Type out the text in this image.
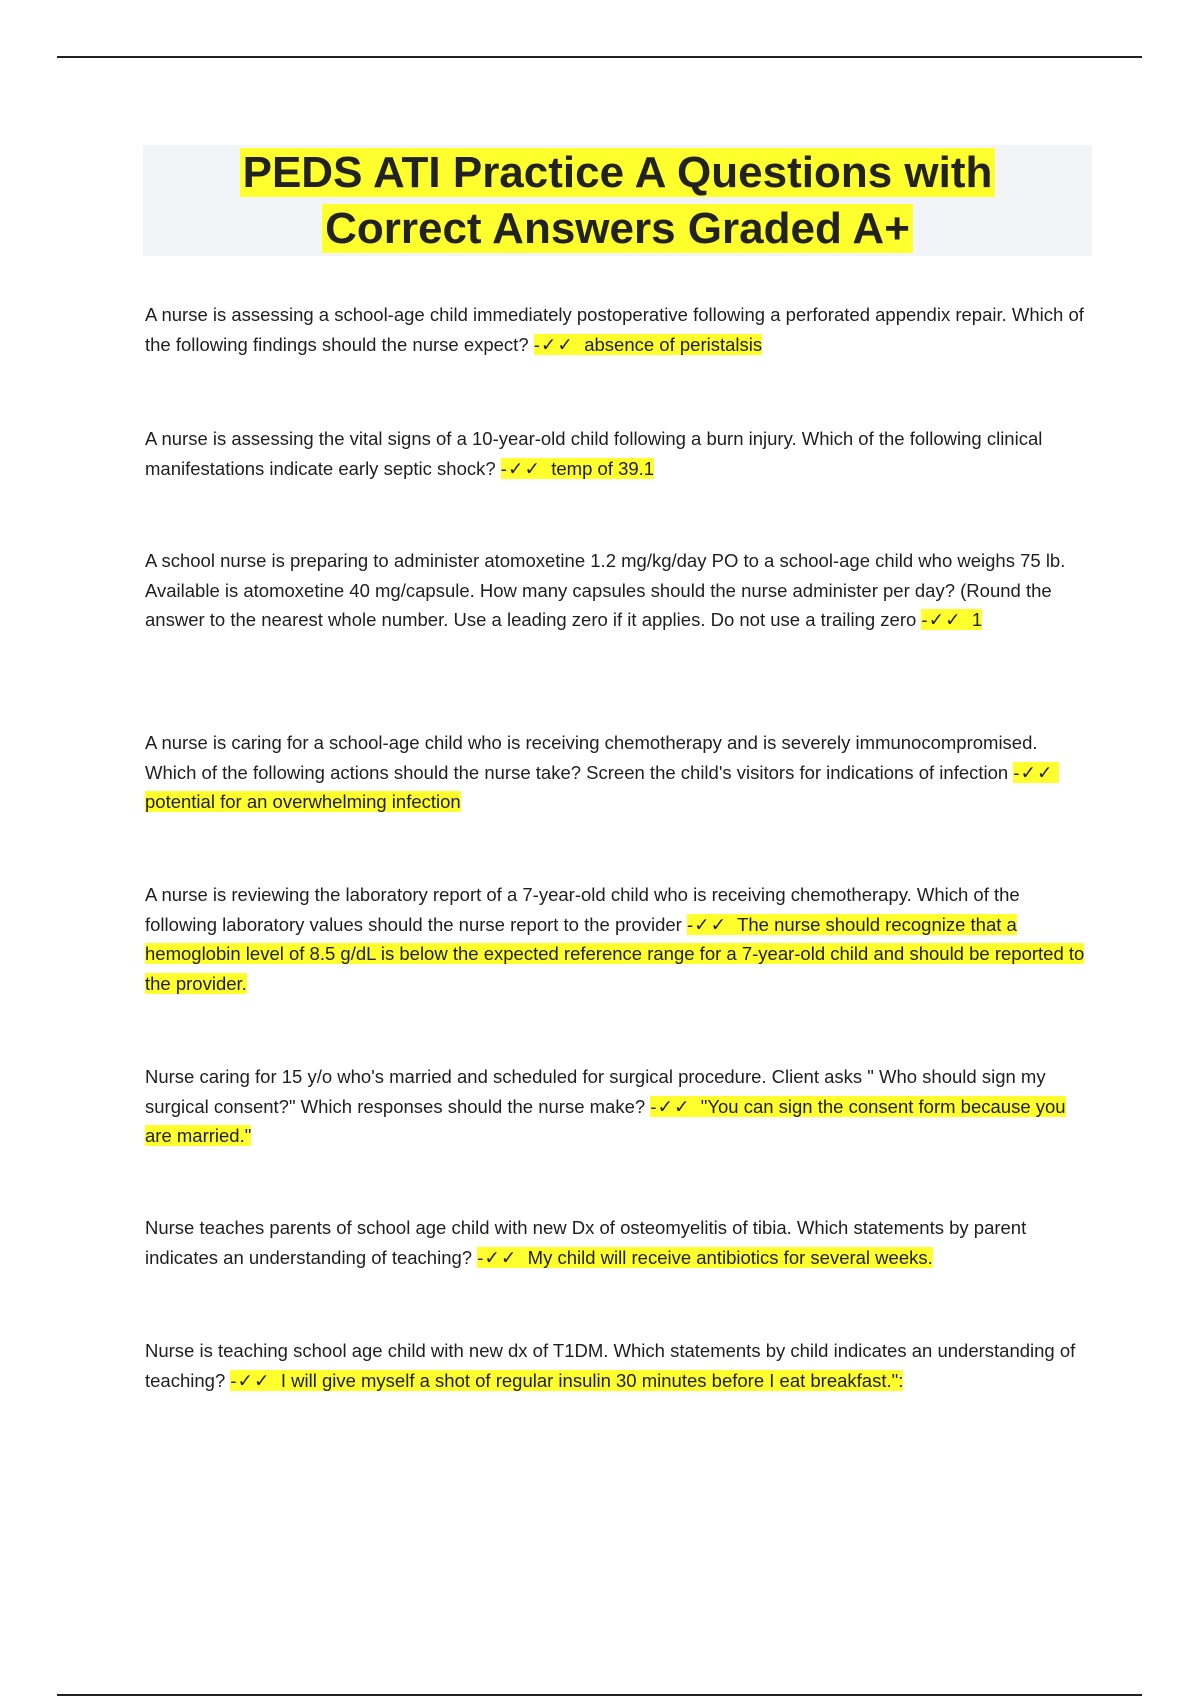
PEDS ATI Practice A Questions with
Correct Answers Graded A+

A nurse is assessing a school-age child immediately postoperative following a perforated appendix repair. Which of the following findings should the nurse expect? -✓✓ absence of peristalsis

A nurse is assessing the vital signs of a 10-year-old child following a burn injury. Which of the following clinical manifestations indicate early septic shock? -✓✓ temp of 39.1

A school nurse is preparing to administer atomoxetine 1.2 mg/kg/day PO to a school-age child who weighs 75 lb. Available is atomoxetine 40 mg/capsule. How many capsules should the nurse administer per day? (Round the answer to the nearest whole number. Use a leading zero if it applies. Do not use a trailing zero -✓✓ 1

A nurse is caring for a school-age child who is receiving chemotherapy and is severely immunocompromised. Which of the following actions should the nurse take? Screen the child's visitors for indications of infection -✓✓  potential for an overwhelming infection

A nurse is reviewing the laboratory report of a 7-year-old child who is receiving chemotherapy. Which of the following laboratory values should the nurse report to the provider -✓✓ The nurse should recognize that a hemoglobin level of 8.5 g/dL is below the expected reference range for a 7-year-old child and should be reported to the provider.

Nurse caring for 15 y/o who's married and scheduled for surgical procedure. Client asks " Who should sign my surgical consent?" Which responses should the nurse make? -✓✓ "You can sign the consent form because you are married."

Nurse teaches parents of school age child with new Dx of osteomyelitis of tibia. Which statements by parent indicates an understanding of teaching? -✓✓ My child will receive antibiotics for several weeks.

Nurse is teaching school age child with new dx of T1DM. Which statements by child indicates an understanding of teaching? -✓✓ I will give myself a shot of regular insulin 30 minutes before I eat breakfast.":
